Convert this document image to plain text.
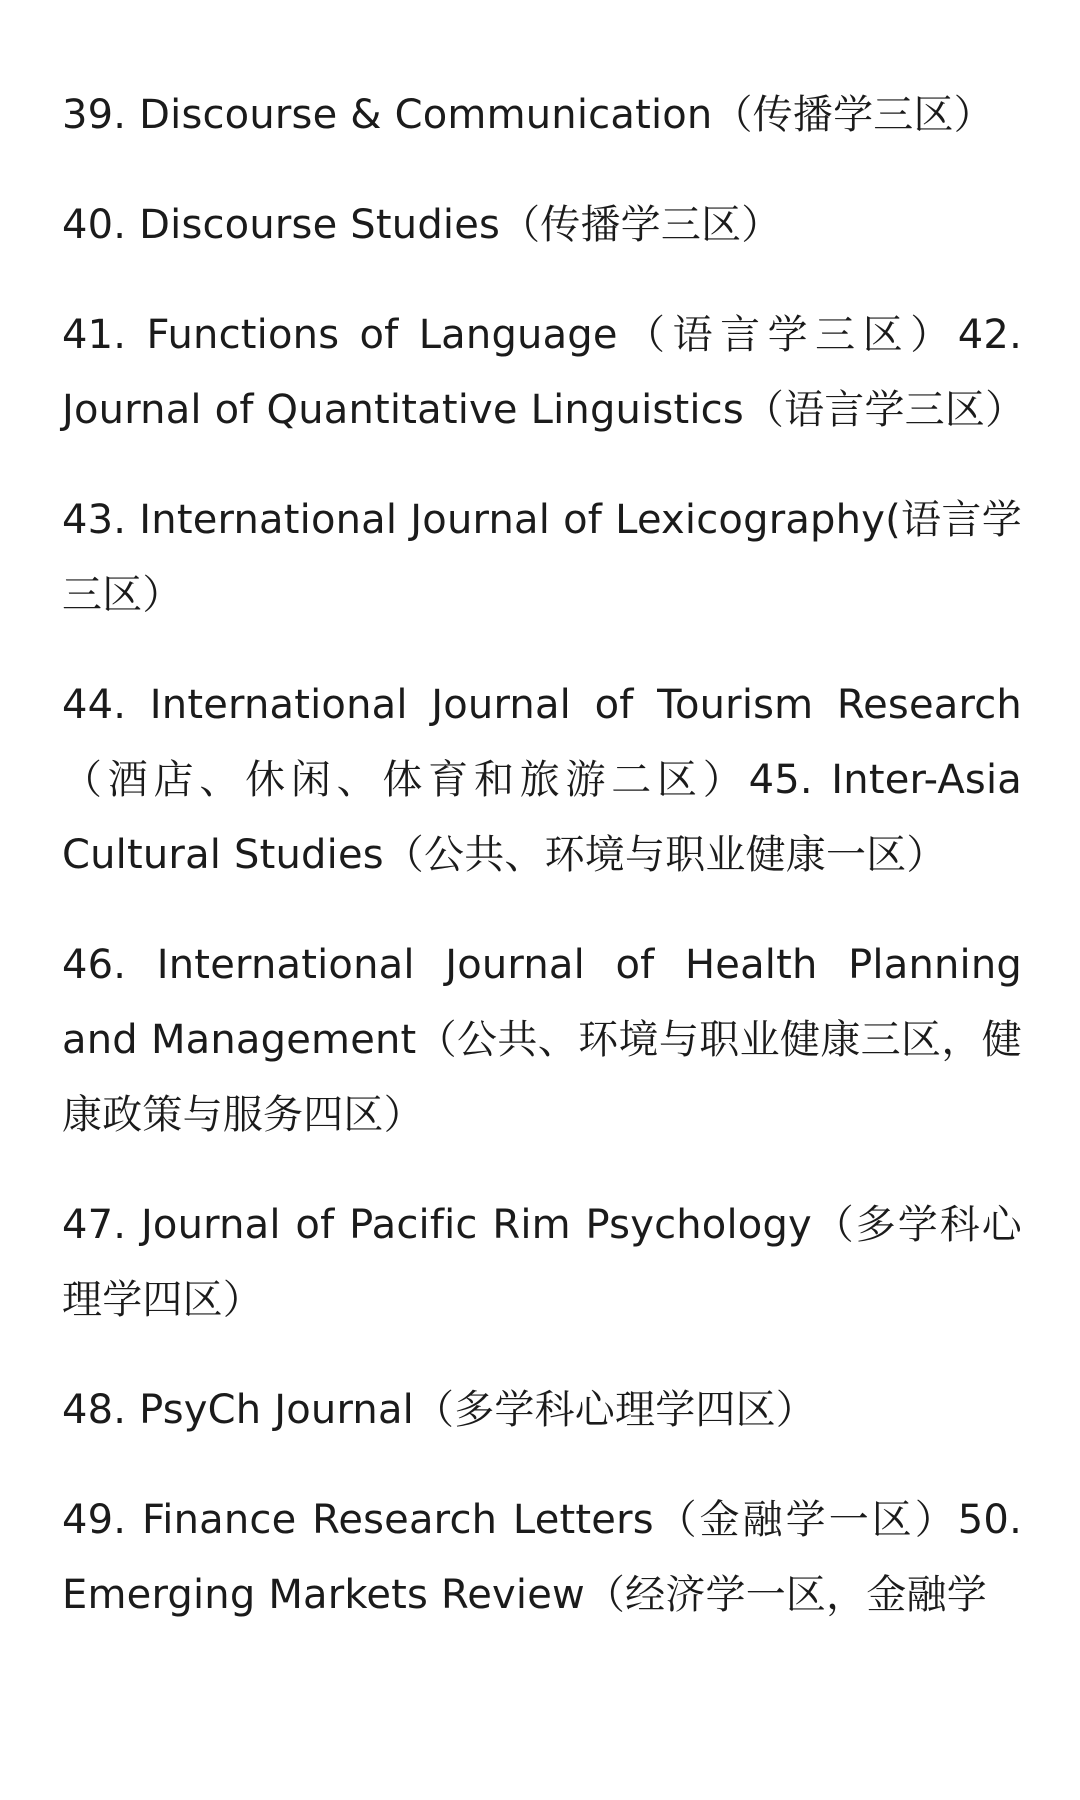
39. Discourse & Communication（传播学三区）

40. Discourse Studies（传播学三区）

41. Functions of Language（语言学三区）42. Journal of Quantitative Linguistics（语言学三区）

43. International Journal of Lexicography(语言学三区）

44. International Journal of Tourism Research（酒店、休闲、体育和旅游二区）45. Inter-Asia Cultural Studies（公共、环境与职业健康一区）

46. International Journal of Health Planning and Management（公共、环境与职业健康三区，健康政策与服务四区）

47. Journal of Pacific Rim Psychology（多学科心理学四区）

48. PsyCh Journal（多学科心理学四区）

49. Finance Research Letters（金融学一区）50. Emerging Markets Review（经济学一区，金融学
